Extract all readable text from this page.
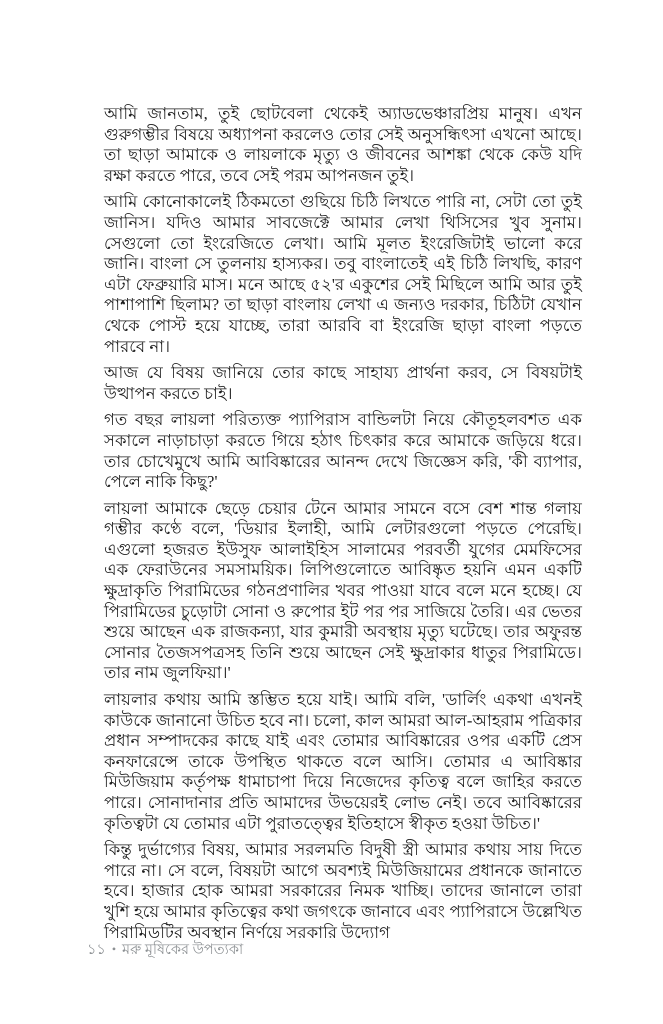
আমি জানতাম, তুই ছোটবেলা থেকেই অ্যাডভেঞ্চারপ্রিয় মানুষ। এখন গুরুগম্ভীর বিষয়ে অধ্যাপনা করলেও তোর সেই অনুসন্ধিৎসা এখনো আছে। তা ছাড়া আমাকে ও লায়লাকে মৃত্যু ও জীবনের আশঙ্কা থেকে কেউ যদি রক্ষা করতে পারে, তবে সেই পরম আপনজন তুই।

আমি কোনোকালেই ঠিকমতো গুছিয়ে চিঠি লিখতে পারি না, সেটা তো তুই জানিস। যদিও আমার সাবজেক্টে আমার লেখা থিসিসের খুব সুনাম। সেগুলো তো ইংরেজিতে লেখা। আমি মূলত ইংরেজিটাই ভালো করে জানি। বাংলা সে তুলনায় হাস্যকর। তবু বাংলাতেই এই চিঠি লিখছি, কারণ এটা ফেব্রুয়ারি মাস। মনে আছে ৫২'র একুশের সেই মিছিলে আমি আর তুই পাশাপাশি ছিলাম? তা ছাড়া বাংলায় লেখা এ জন্যও দরকার, চিঠিটা যেখান থেকে পোস্ট হয়ে যাচ্ছে, তারা আরবি বা ইংরেজি ছাড়া বাংলা পড়তে পারবে না।

আজ যে বিষয় জানিয়ে তোর কাছে সাহায্য প্রার্থনা করব, সে বিষয়টাই উত্থাপন করতে চাই।

গত বছর লায়লা পরিত্যক্ত প্যাপিরাস বান্ডিলটা নিয়ে কৌতূহলবশত এক সকালে নাড়াচাড়া করতে গিয়ে হঠাৎ চিৎকার করে আমাকে জড়িয়ে ধরে। তার চোখেমুখে আমি আবিষ্কারের আনন্দ দেখে জিজ্ঞেস করি, 'কী ব্যাপার, পেলে নাকি কিছু?'

লায়লা আমাকে ছেড়ে চেয়ার টেনে আমার সামনে বসে বেশ শান্ত গলায় গম্ভীর কণ্ঠে বলে, 'ডিয়ার ইলাহী, আমি লেটারগুলো পড়তে পেরেছি। এগুলো হজরত ইউসুফ আলাইহিস সালামের পরবর্তী যুগের মেমফিসের এক ফেরাউনের সমসাময়িক। লিপিগুলোতে আবিষ্কৃত হয়নি এমন একটি ক্ষুদ্রাকৃতি পিরামিডের গঠনপ্রণালির খবর পাওয়া যাবে বলে মনে হচ্ছে। যে পিরামিডের চুড়োটা সোনা ও রুপোর ইট পর পর সাজিয়ে তৈরি। এর ভেতর শুয়ে আছেন এক রাজকন্যা, যার কুমারী অবস্থায় মৃত্যু ঘটেছে। তার অফুরন্ত সোনার তৈজসপত্রসহ তিনি শুয়ে আছেন সেই ক্ষুদ্রাকার ধাতুর পিরামিডে। তার নাম জুলফিয়া।'

লায়লার কথায় আমি স্তম্ভিত হয়ে যাই। আমি বলি, 'ডার্লিং একথা এখনই কাউকে জানানো উচিত হবে না। চলো, কাল আমরা আল-আহরাম পত্রিকার প্রধান সম্পাদকের কাছে যাই এবং তোমার আবিষ্কারের ওপর একটি প্রেস কনফারেন্সে তাকে উপস্থিত থাকতে বলে আসি। তোমার এ আবিষ্কার মিউজিয়াম কর্তৃপক্ষ ধামাচাপা দিয়ে নিজেদের কৃতিত্ব বলে জাহির করতে পারে। সোনাদানার প্রতি আমাদের উভয়েরই লোভ নেই। তবে আবিষ্কারের কৃতিত্বটা যে তোমার এটা পুরাতত্ত্বের ইতিহাসে স্বীকৃত হওয়া উচিত।'

কিন্তু দুর্ভাগ্যের বিষয়, আমার সরলমতি বিদুষী স্ত্রী আমার কথায় সায় দিতে পারে না। সে বলে, বিষয়টা আগে অবশ্যই মিউজিয়ামের প্রধানকে জানাতে হবে। হাজার হোক আমরা সরকারের নিমক খাচ্ছি। তাদের জানালে তারা খুশি হয়ে আমার কৃতিত্বের কথা জগৎকে জানাবে এবং প্যাপিরাসে উল্লেখিত পিরামিডটির অবস্থান নির্ণয়ে সরকারি উদ্যোগ

১১ • মরু মূষিকের উপত্যকা
